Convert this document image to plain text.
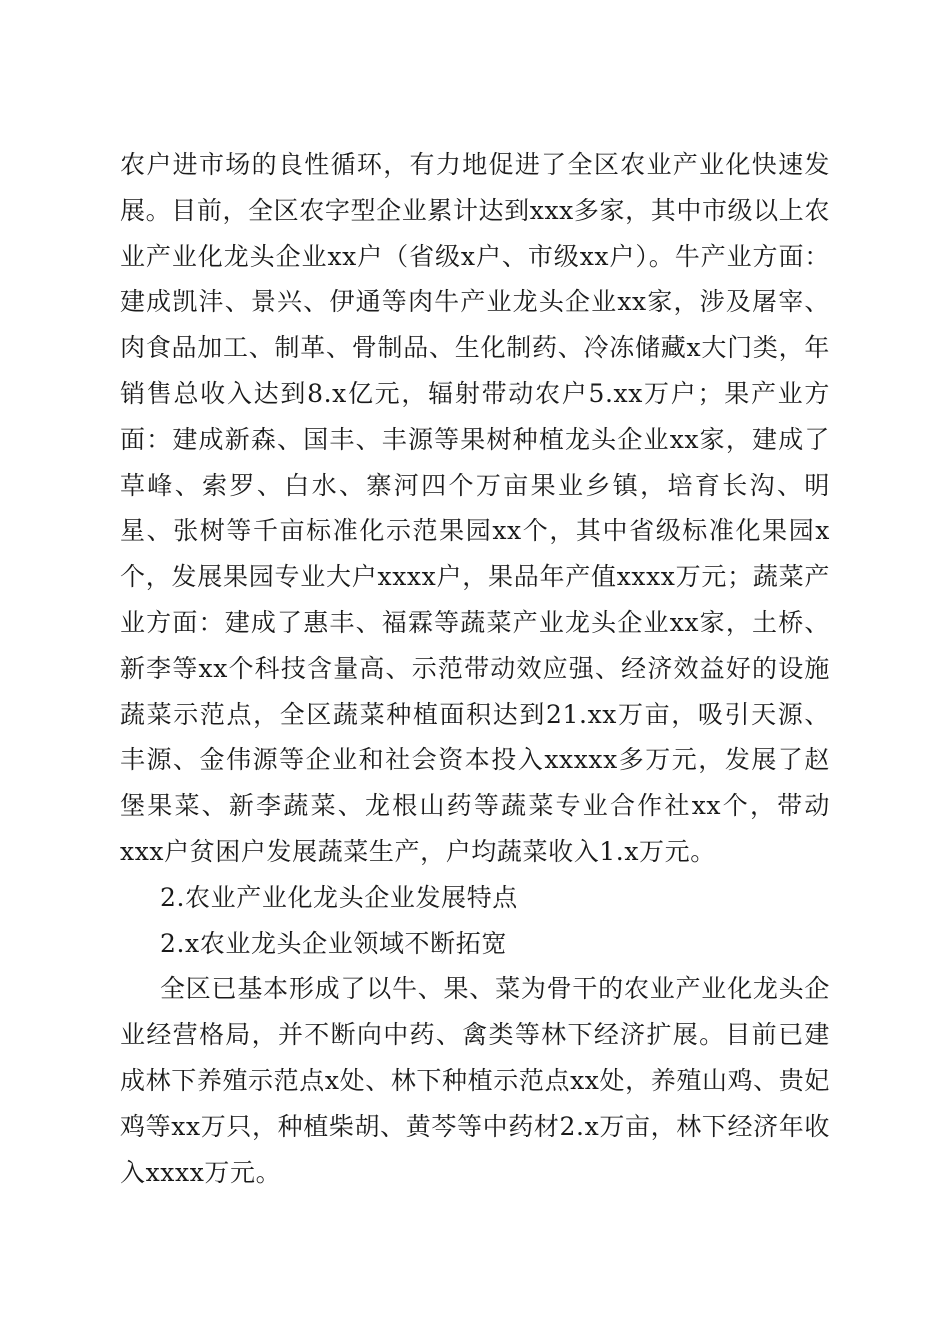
农户进市场的良性循环，有力地促进了全区农业产业化快速发展。目前，全区农字型企业累计达到xxx多家，其中市级以上农业产业化龙头企业xx户（省级x户、市级xx户）。牛产业方面：建成凯沣、景兴、伊通等肉牛产业龙头企业xx家，涉及屠宰、肉食品加工、制革、骨制品、生化制药、冷冻储藏x大门类，年销售总收入达到8.x亿元，辐射带动农户5.xx万户；果产业方面：建成新森、国丰、丰源等果树种植龙头企业xx家，建成了草峰、索罗、白水、寨河四个万亩果业乡镇，培育长沟、明星、张树等千亩标准化示范果园xx个，其中省级标准化果园x个，发展果园专业大户xxxx户，果品年产值xxxx万元；蔬菜产业方面：建成了惠丰、福霖等蔬菜产业龙头企业xx家，土桥、新李等xx个科技含量高、示范带动效应强、经济效益好的设施蔬菜示范点，全区蔬菜种植面积达到21.xx万亩，吸引天源、丰源、金伟源等企业和社会资本投入xxxxx多万元，发展了赵堡果菜、新李蔬菜、龙根山药等蔬菜专业合作社xx个，带动xxx户贫困户发展蔬菜生产，户均蔬菜收入1.x万元。

2.农业产业化龙头企业发展特点

2.x农业龙头企业领域不断拓宽

全区已基本形成了以牛、果、菜为骨干的农业产业化龙头企业经营格局，并不断向中药、禽类等林下经济扩展。目前已建成林下养殖示范点x处、林下种植示范点xx处，养殖山鸡、贵妃鸡等xx万只，种植柴胡、黄芩等中药材2.x万亩，林下经济年收入xxxx万元。
